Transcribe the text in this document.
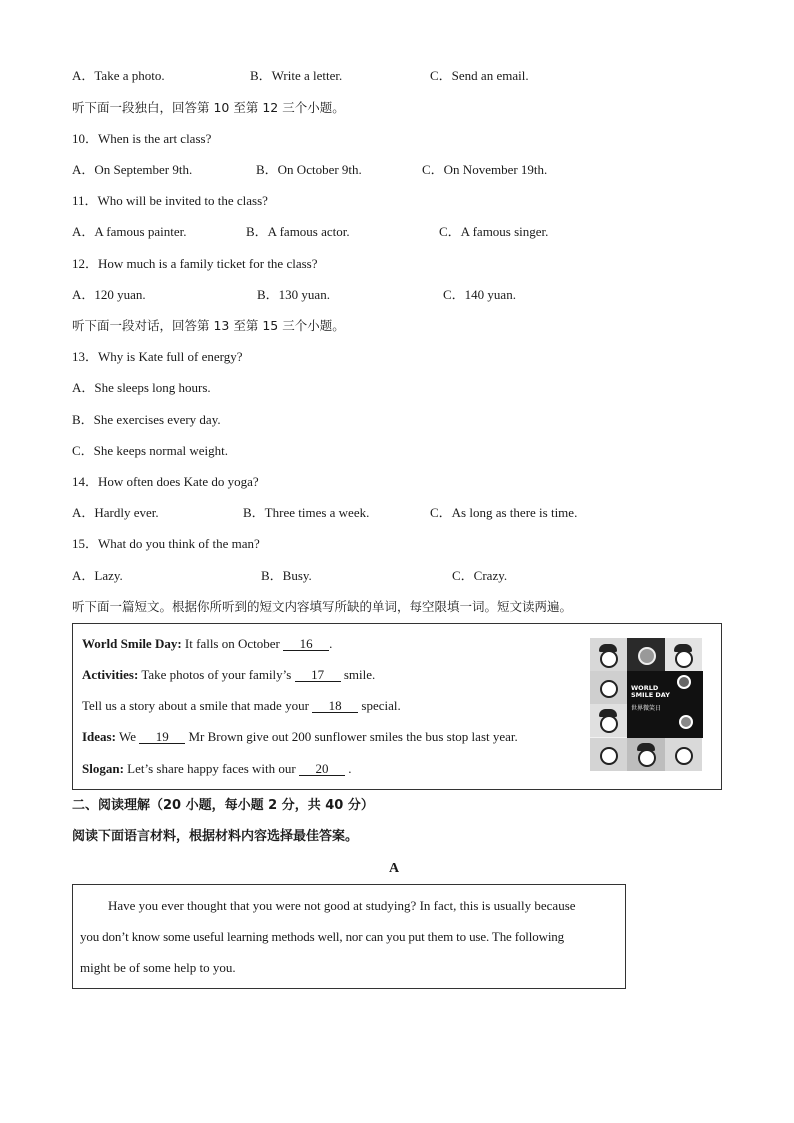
A．Take a photo.	B．Write a letter.	C．Send an email.
听下面一段独白，回答第 10 至第 12 三个小题。
10．When is the art class?
A．On September 9th.	B．On October 9th.	C．On November 19th.
11．Who will be invited to the class?
A．A famous painter.	B．A famous actor.	C．A famous singer.
12．How much is a family ticket for the class?
A．120 yuan.	B．130 yuan.	C．140 yuan.
听下面一段对话，回答第 13 至第 15 三个小题。
13．Why is Kate full of energy?
A．She sleeps long hours.
B．She exercises every day.
C．She keeps normal weight.
14．How often does Kate do yoga?
A．Hardly ever.	B．Three times a week.	C．As long as there is time.
15．What do you think of the man?
A．Lazy.	B．Busy.	C．Crazy.
听下面一篇短文。根据你所听到的短文内容填写所缺的单词，每空限填一词。短文读两遍。
World Smile Day: It falls on October 16 .
Activities: Take photos of your family’s 17 smile.
Tell us a story about a smile that made your 18 special.
Ideas: We 19 Mr Brown give out 200 sunflower smiles the bus stop last year.
Slogan: Let’s share happy faces with our 20 .
WORLD
SMILE DAY
世界微笑日
二、阅读理解（20 小题，每小题 2 分，共 40 分）
阅读下面语言材料，根据材料内容选择最佳答案。
A
Have you ever thought that you were not good at studying? In fact, this is usually because
you don’t know some useful learning methods well, nor can you put them to use. The following
might be of some help to you.
